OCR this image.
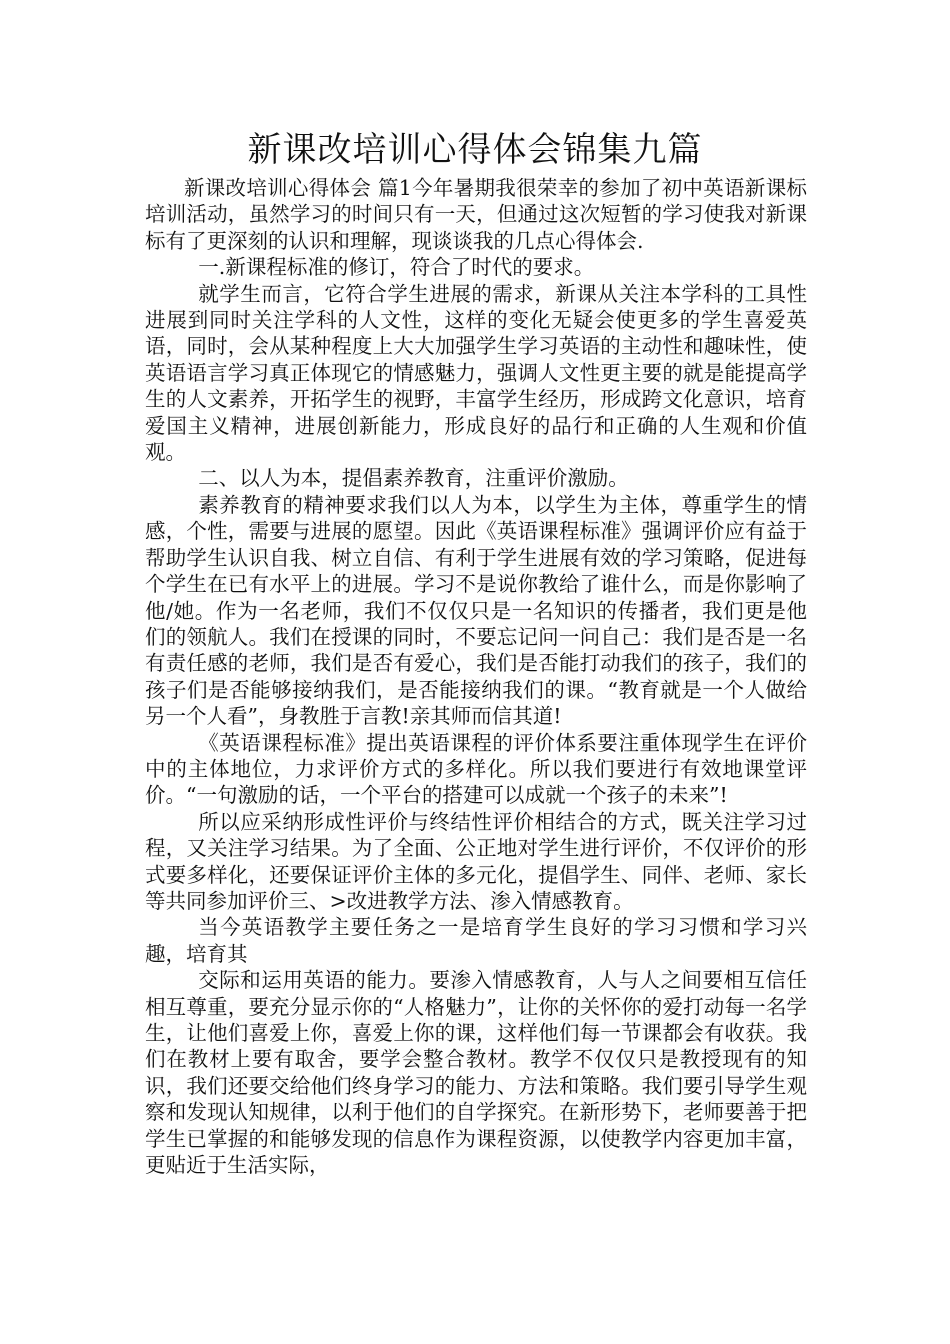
新课改培训心得体会锦集九篇

新课改培训心得体会 篇1今年暑期我很荣幸的参加了初中英语新课标培训活动，虽然学习的时间只有一天，但通过这次短暂的学习使我对新课标有了更深刻的认识和理解，现谈谈我的几点心得体会.

一.新课程标准的修订，符合了时代的要求。

就学生而言，它符合学生进展的需求，新课从关注本学科的工具性进展到同时关注学科的人文性，这样的变化无疑会使更多的学生喜爱英语，同时，会从某种程度上大大加强学生学习英语的主动性和趣味性，使英语语言学习真正体现它的情感魅力，强调人文性更主要的就是能提高学生的人文素养，开拓学生的视野，丰富学生经历，形成跨文化意识，培育爱国主义精神，进展创新能力，形成良好的品行和正确的人生观和价值观。

二、以人为本，提倡素养教育，注重评价激励。

素养教育的精神要求我们以人为本，以学生为主体，尊重学生的情感，个性，需要与进展的愿望。因此《英语课程标准》强调评价应有益于帮助学生认识自我、树立自信、有利于学生进展有效的学习策略，促进每个学生在已有水平上的进展。学习不是说你教给了谁什么，而是你影响了他/她。作为一名老师，我们不仅仅只是一名知识的传播者，我们更是他们的领航人。我们在授课的同时，不要忘记问一问自己：我们是否是一名有责任感的老师，我们是否有爱心，我们是否能打动我们的孩子，我们的孩子们是否能够接纳我们，是否能接纳我们的课。“教育就是一个人做给另一个人看”，身教胜于言教!亲其师而信其道!

《英语课程标准》提出英语课程的评价体系要注重体现学生在评价中的主体地位，力求评价方式的多样化。所以我们要进行有效地课堂评价。“一句激励的话，一个平台的搭建可以成就一个孩子的未来”!

所以应采纳形成性评价与终结性评价相结合的方式，既关注学习过程，又关注学习结果。为了全面、公正地对学生进行评价，不仅评价的形式要多样化，还要保证评价主体的多元化，提倡学生、同伴、老师、家长等共同参加评价三、>改进教学方法、渗入情感教育。

当今英语教学主要任务之一是培育学生良好的学习习惯和学习兴趣，培育其

交际和运用英语的能力。要渗入情感教育，人与人之间要相互信任相互尊重，要充分显示你的“人格魅力”，让你的关怀你的爱打动每一名学生，让他们喜爱上你，喜爱上你的课，这样他们每一节课都会有收获。我们在教材上要有取舍，要学会整合教材。教学不仅仅只是教授现有的知识，我们还要交给他们终身学习的能力、方法和策略。我们要引导学生观察和发现认知规律，以利于他们的自学探究。在新形势下，老师要善于把学生已掌握的和能够发现的信息作为课程资源，以使教学内容更加丰富，更贴近于生活实际，
